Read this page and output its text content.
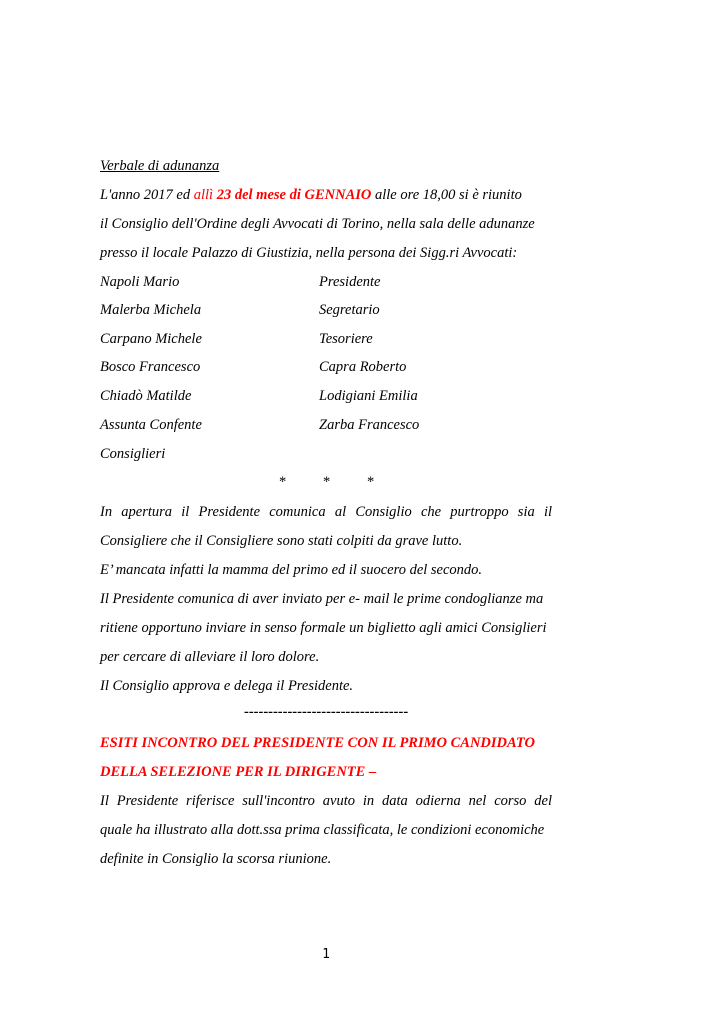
Verbale di adunanza
L'anno 2017 ed allì 23 del mese di GENNAIO alle ore 18,00 si è riunito
il Consiglio dell'Ordine degli Avvocati di Torino, nella sala delle adunanze
presso il locale Palazzo di Giustizia, nella persona dei Sigg.ri Avvocati:
Napoli Mario	Presidente
Malerba Michela	Segretario
Carpano Michele	Tesoriere
Bosco Francesco	Capra Roberto
Chiadò Matilde	Lodigiani Emilia
Assunta Confente	Zarba Francesco
Consiglieri
*	*	*
In apertura il Presidente comunica al Consiglio che purtroppo sia il
Consigliere che il Consigliere sono stati colpiti da grave lutto.
E’ mancata infatti la mamma del primo ed il suocero del secondo.
Il Presidente comunica di aver inviato per e- mail le prime condoglianze ma
ritiene opportuno inviare in senso formale un biglietto agli amici Consiglieri
per cercare di alleviare il loro dolore.
Il Consiglio approva e delega il Presidente.
----------------------------------
ESITI INCONTRO DEL PRESIDENTE CON IL PRIMO CANDIDATO
DELLA SELEZIONE PER IL DIRIGENTE –
Il Presidente riferisce sull'incontro avuto in data odierna nel corso del
quale ha illustrato alla dott.ssa prima classificata, le condizioni economiche
definite in Consiglio la scorsa riunione.
1
